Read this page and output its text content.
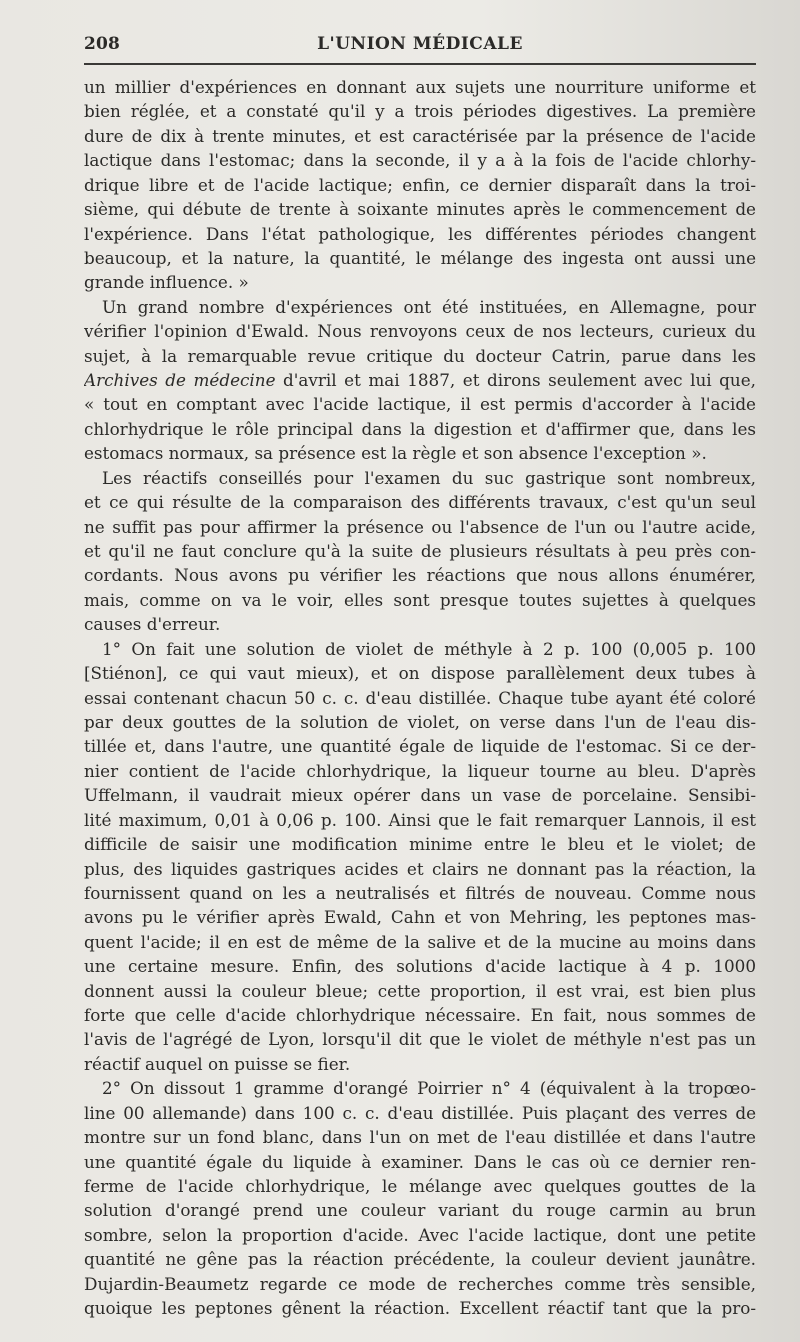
208	L'UNION MÉDICALE
un millier d'expériences en donnant aux sujets une nourriture uniforme et
bien réglée, et a constaté qu'il y a trois périodes digestives. La première
dure de dix à trente minutes, et est caractérisée par la présence de l'acide
lactique dans l'estomac; dans la seconde, il y a à la fois de l'acide chlorhy-
drique libre et de l'acide lactique; enfin, ce dernier disparaît dans la troi-
sième, qui débute de trente à soixante minutes après le commencement de
l'expérience. Dans l'état pathologique, les différentes périodes changent
beaucoup, et la nature, la quantité, le mélange des ingesta ont aussi une
grande influence. »
Un grand nombre d'expériences ont été instituées, en Allemagne, pour
vérifier l'opinion d'Ewald. Nous renvoyons ceux de nos lecteurs, curieux du
sujet, à la remarquable revue critique du docteur Catrin, parue dans les
Archives de médecine d'avril et mai 1887, et dirons seulement avec lui que,
« tout en comptant avec l'acide lactique, il est permis d'accorder à l'acide
chlorhydrique le rôle principal dans la digestion et d'affirmer que, dans les
estomacs normaux, sa présence est la règle et son absence l'exception ».
Les réactifs conseillés pour l'examen du suc gastrique sont nombreux,
et ce qui résulte de la comparaison des différents travaux, c'est qu'un seul
ne suffit pas pour affirmer la présence ou l'absence de l'un ou l'autre acide,
et qu'il ne faut conclure qu'à la suite de plusieurs résultats à peu près con-
cordants. Nous avons pu vérifier les réactions que nous allons énumérer,
mais, comme on va le voir, elles sont presque toutes sujettes à quelques
causes d'erreur.
1° On fait une solution de violet de méthyle à 2 p. 100 (0,005 p. 100
[Stiénon], ce qui vaut mieux), et on dispose parallèlement deux tubes à
essai contenant chacun 50 c. c. d'eau distillée. Chaque tube ayant été coloré
par deux gouttes de la solution de violet, on verse dans l'un de l'eau dis-
tillée et, dans l'autre, une quantité égale de liquide de l'estomac. Si ce der-
nier contient de l'acide chlorhydrique, la liqueur tourne au bleu. D'après
Uffelmann, il vaudrait mieux opérer dans un vase de porcelaine. Sensibi-
lité maximum, 0,01 à 0,06 p. 100. Ainsi que le fait remarquer Lannois, il est
difficile de saisir une modification minime entre le bleu et le violet; de
plus, des liquides gastriques acides et clairs ne donnant pas la réaction, la
fournissent quand on les a neutralisés et filtrés de nouveau. Comme nous
avons pu le vérifier après Ewald, Cahn et von Mehring, les peptones mas-
quent l'acide; il en est de même de la salive et de la mucine au moins dans
une certaine mesure. Enfin, des solutions d'acide lactique à 4 p. 1000
donnent aussi la couleur bleue; cette proportion, il est vrai, est bien plus
forte que celle d'acide chlorhydrique nécessaire. En fait, nous sommes de
l'avis de l'agrégé de Lyon, lorsqu'il dit que le violet de méthyle n'est pas un
réactif auquel on puisse se fier.
2° On dissout 1 gramme d'orangé Poirrier n° 4 (équivalent à la tropœo-
line 00 allemande) dans 100 c. c. d'eau distillée. Puis plaçant des verres de
montre sur un fond blanc, dans l'un on met de l'eau distillée et dans l'autre
une quantité égale du liquide à examiner. Dans le cas où ce dernier ren-
ferme de l'acide chlorhydrique, le mélange avec quelques gouttes de la
solution d'orangé prend une couleur variant du rouge carmin au brun
sombre, selon la proportion d'acide. Avec l'acide lactique, dont une petite
quantité ne gêne pas la réaction précédente, la couleur devient jaunâtre.
Dujardin-Beaumetz regarde ce mode de recherches comme très sensible,
quoique les peptones gênent la réaction. Excellent réactif tant que la pro-
